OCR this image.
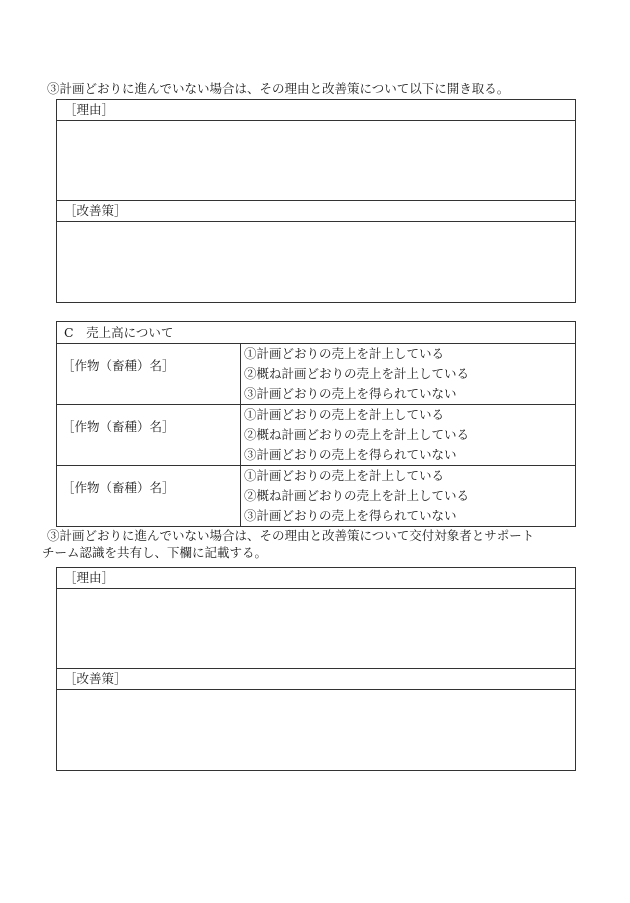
③計画どおりに進んでいない場合は、その理由と改善策について以下に開き取る。
［理由］
［改善策］
C　売上高について	
［作物（畜種）名］	①計画どおりの売上を計上している
②概ね計画どおりの売上を計上している
③計画どおりの売上を得られていない

［作物（畜種）名］	①計画どおりの売上を計上している
②概ね計画どおりの売上を計上している
③計画どおりの売上を得られていない

［作物（畜種）名］	①計画どおりの売上を計上している
②概ね計画どおりの売上を計上している
③計画どおりの売上を得られていない
③計画どおりに進んでいない場合は、その理由と改善策について交付対象者とサポート
チーム認識を共有し、下欄に記載する。
［理由］
［改善策］
